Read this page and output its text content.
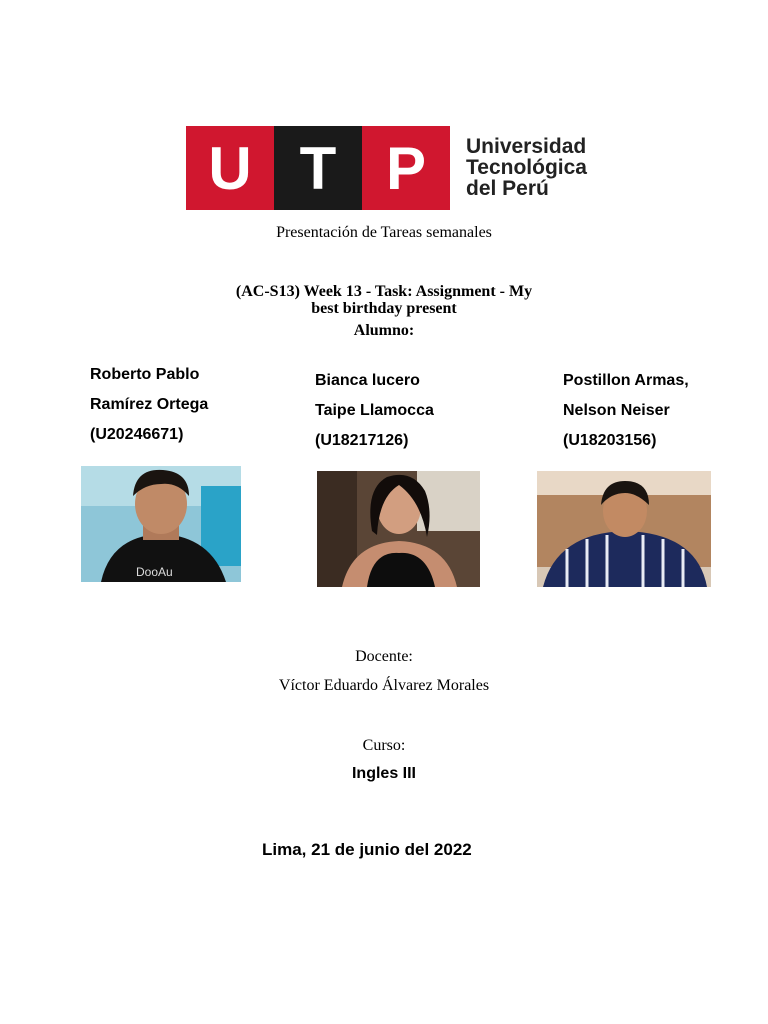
U T P	Universidad
Tecnológica
del Perú
Presentación de Tareas semanales
(AC-S13) Week 13 - Task: Assignment - My
best birthday present
Alumno:
Roberto Pablo
Ramírez Ortega
(U20246671)
Bianca lucero
Taipe Llamocca
(U18217126)
Postillon Armas,
Nelson Neiser
(U18203156)
DooAu
Docente:
Víctor Eduardo Álvarez Morales
Curso:
Ingles III
Lima, 21 de junio del 2022
